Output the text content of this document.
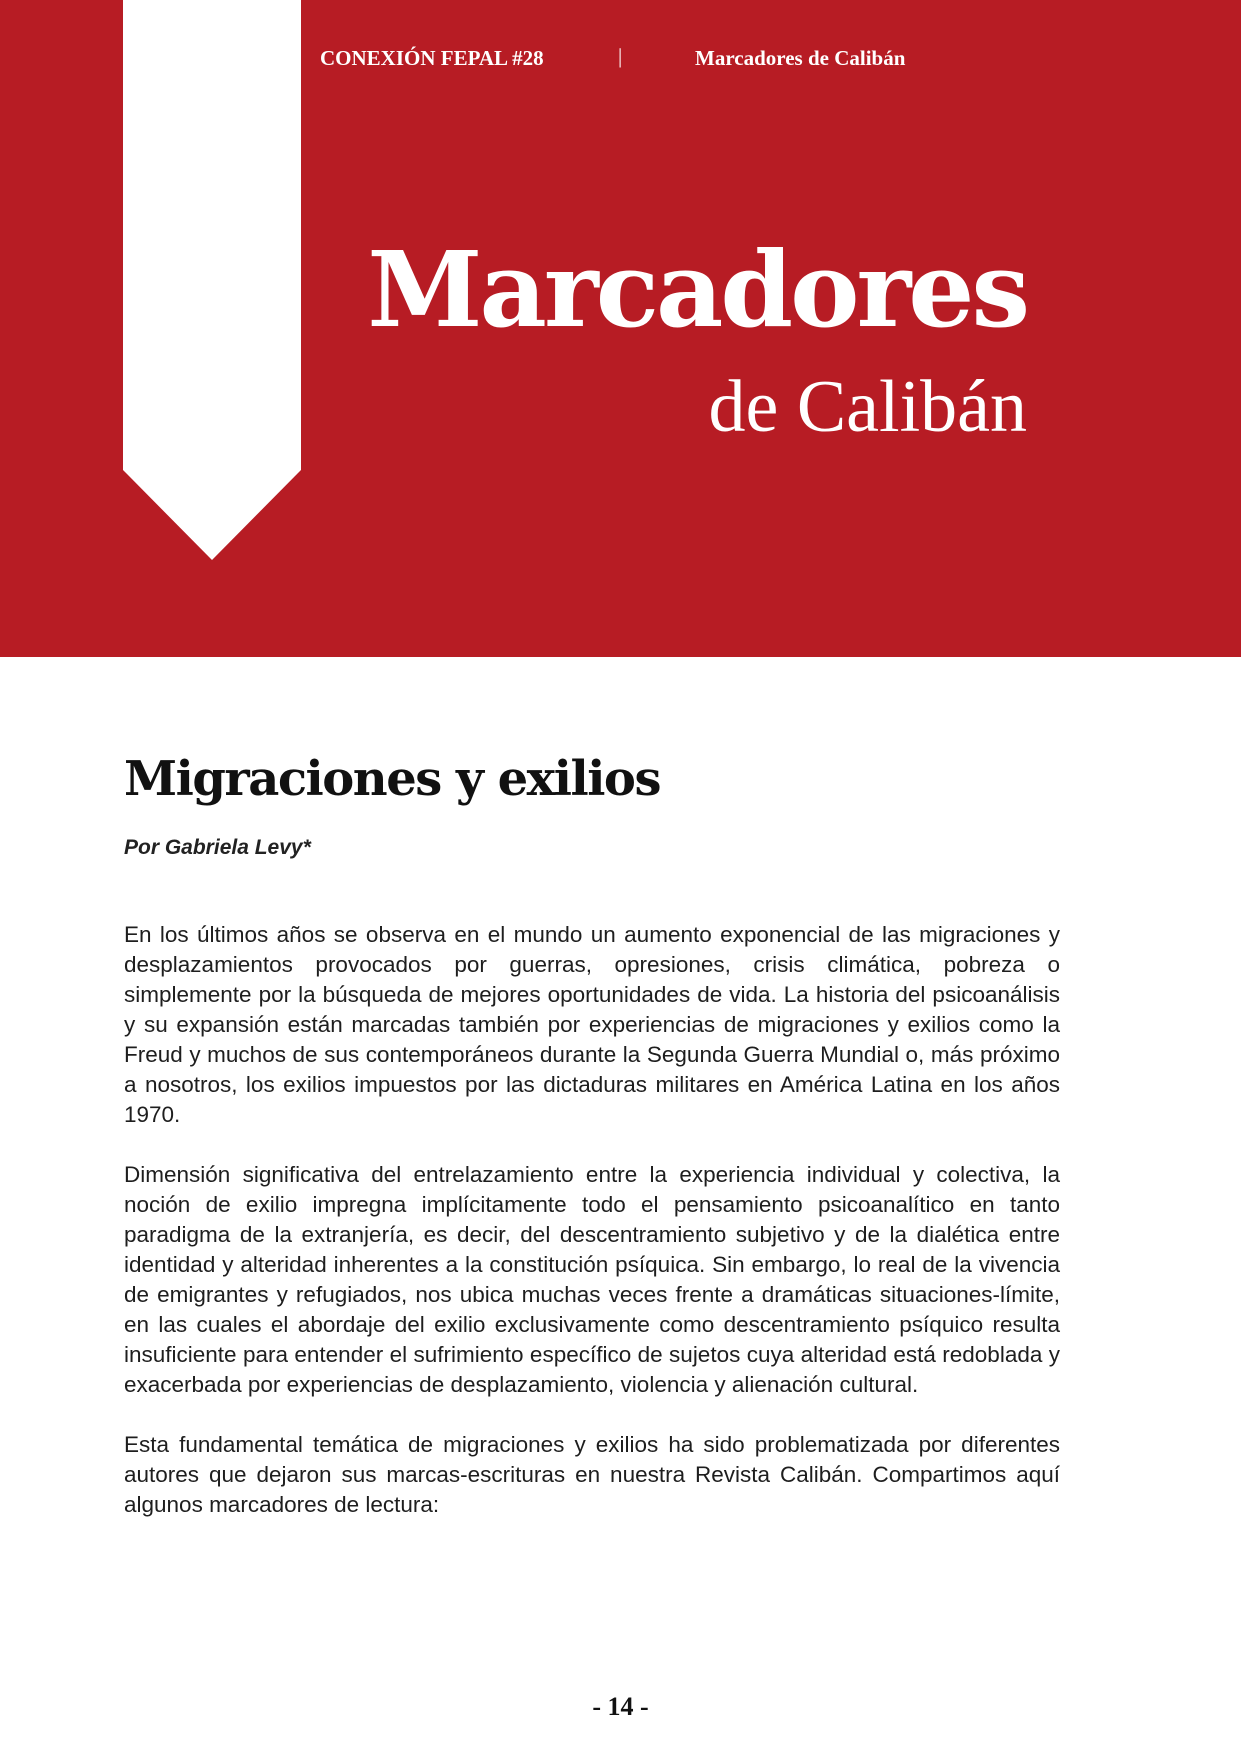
CONEXIÓN FEPAL #28	|	Marcadores de Calibán
Marcadores
de Calibán
Migraciones y exilios
Por Gabriela Levy*

En los últimos años se observa en el mundo un aumento exponencial de las migraciones y desplazamientos provocados por guerras, opresiones, crisis climática, pobreza o simplemente por la búsqueda de mejores oportunidades de vida. La historia del psicoanálisis y su expansión están marcadas también por experiencias de migraciones y exilios como la Freud y muchos de sus contemporáneos durante la Segunda Guerra Mundial o, más próximo a nosotros, los exilios impuestos por las dictaduras militares en América Latina en los años 1970.

Dimensión significativa del entrelazamiento entre la experiencia individual y colectiva, la noción de exilio impregna implícitamente todo el pensamiento psicoanalítico en tanto paradigma de la extranjería, es decir, del descentramiento subjetivo y de la dialética entre identidad y alteridad inherentes a la constitución psíquica. Sin embargo, lo real de la vivencia de emigrantes y refugiados, nos ubica muchas veces frente a dramáticas situaciones-límite, en las cuales el abordaje del exilio exclusivamente como descentramiento psíquico resulta insuficiente para entender el sufrimiento específico de sujetos cuya alteridad está redoblada y exacerbada por experiencias de desplazamiento, violencia y alienación cultural.

Esta fundamental temática de migraciones y exilios ha sido problematizada por diferentes autores que dejaron sus marcas-escrituras en nuestra Revista Calibán. Compartimos aquí algunos marcadores de lectura:

- 14 -
